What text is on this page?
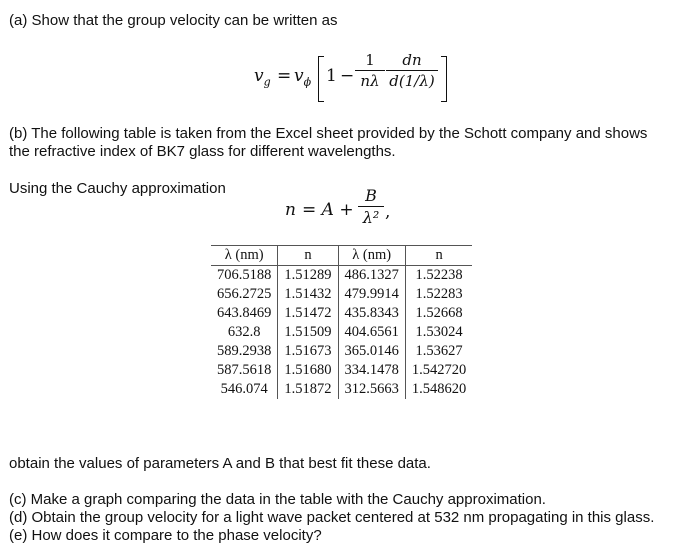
(a) Show that the group velocity can be written as

$v_g = v_\phi$ $1 - \frac{1}{n\lambda} \frac{dn}{d(1/\lambda)}$

(b) The following table is taken from the Excel sheet provided by the Schott company and shows

the refractive index of BK7 glass for different wavelengths.

Using the Cauchy approximation

$n = A + \frac{B}{\text{λ²}}$ ,
λ (nm)	n	λ (nm)	n
706.5188	1.51289	486.1327	1.52238
656.2725	1.51432	479.9914	1.52283
643.8469	1.51472	435.8343	1.52668
632.8	1.51509	404.6561	1.53024
589.2938	1.51673	365.0146	1.53627
587.5618	1.51680	334.1478	1.542720
546.074	1.51872	312.5663	1.548620

obtain the values of parameters A and B that best fit these data.

(c) Make a graph comparing the data in the table with the Cauchy approximation.

(d) Obtain the group velocity for a light wave packet centered at 532 nm propagating in this glass.

(e) How does it compare to the phase velocity?
